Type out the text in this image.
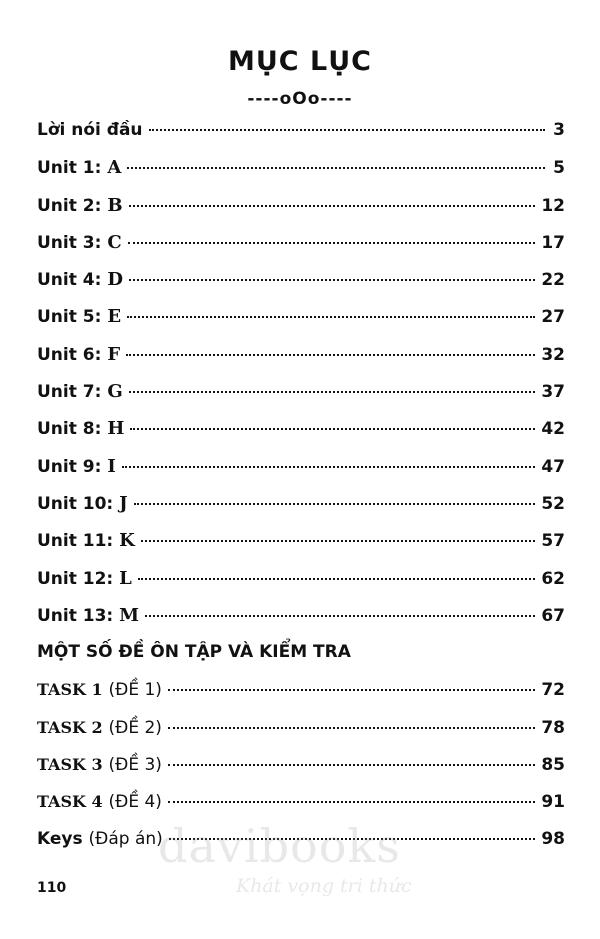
MỤC LỤC
----oOo----
Lời nói đầu	3
Unit 1: A	5
Unit 2: B	12
Unit 3: C	17
Unit 4: D	22
Unit 5: E	27
Unit 6: F	32
Unit 7: G	37
Unit 8: H	42
Unit 9: I	47
Unit 10: J	52
Unit 11: K	57
Unit 12: L	62
Unit 13: M	67
MỘT SỐ ĐỀ ÔN TẬP VÀ KIỂM TRA
TASK 1 (ĐỀ 1)	72
TASK 2 (ĐỀ 2)	78
TASK 3 (ĐỀ 3)	85
TASK 4 (ĐỀ 4)	91
Keys (Đáp án)	98
davibooks
Khát vọng tri thức
110
